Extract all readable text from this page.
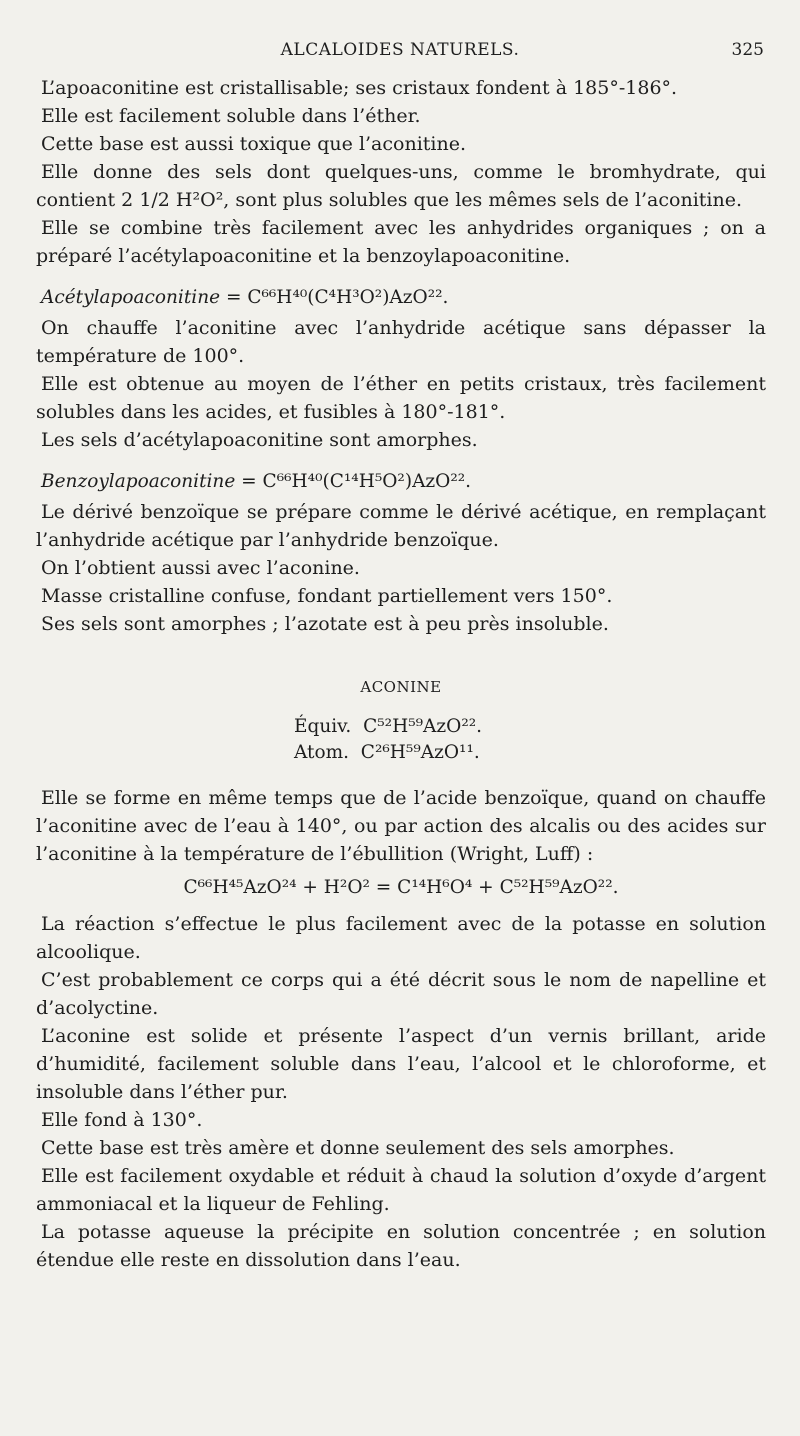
ALCALOIDES NATURELS.	325

L’apoaconitine est cristallisable; ses cristaux fondent à 185°-186°.

Elle est facilement soluble dans l’éther.

Cette base est aussi toxique que l’aconitine.

Elle donne des sels dont quelques-uns, comme le bromhydrate, qui contient 2 1/2 H²O², sont plus solubles que les mêmes sels de l’aconitine.

Elle se combine très facilement avec les anhydrides organiques ; on a préparé l’acétylapoaconitine et la benzoylapoaconitine.

Acétylapoaconitine = C⁶⁶H⁴⁰(C⁴H³O²)AzO²².

On chauffe l’aconitine avec l’anhydride acétique sans dépasser la température de 100°.

Elle est obtenue au moyen de l’éther en petits cristaux, très facilement solubles dans les acides, et fusibles à 180°-181°.

Les sels d’acétylapoaconitine sont amorphes.

Benzoylapoaconitine = C⁶⁶H⁴⁰(C¹⁴H⁵O²)AzO²².

Le dérivé benzoïque se prépare comme le dérivé acétique, en remplaçant l’anhydride acétique par l’anhydride benzoïque.

On l’obtient aussi avec l’aconine.

Masse cristalline confuse, fondant partiellement vers 150°.

Ses sels sont amorphes ; l’azotate est à peu près insoluble.

ACONINE
Équiv. C⁵²H⁵⁹AzO²².
Atom. C²⁶H⁵⁹AzO¹¹.

Elle se forme en même temps que de l’acide benzoïque, quand on chauffe l’aconitine avec de l’eau à 140°, ou par action des alcalis ou des acides sur l’aconitine à la température de l’ébullition (Wright, Luff) :

C⁶⁶H⁴⁵AzO²⁴ + H²O² = C¹⁴H⁶O⁴ + C⁵²H⁵⁹AzO²².

La réaction s’effectue le plus facilement avec de la potasse en solution alcoolique.

C’est probablement ce corps qui a été décrit sous le nom de napelline et d’acolyctine.

L’aconine est solide et présente l’aspect d’un vernis brillant, aride d’humidité, facilement soluble dans l’eau, l’alcool et le chloroforme, et insoluble dans l’éther pur.

Elle fond à 130°.

Cette base est très amère et donne seulement des sels amorphes.

Elle est facilement oxydable et réduit à chaud la solution d’oxyde d’argent ammoniacal et la liqueur de Fehling.

La potasse aqueuse la précipite en solution concentrée ; en solution étendue elle reste en dissolution dans l’eau.
